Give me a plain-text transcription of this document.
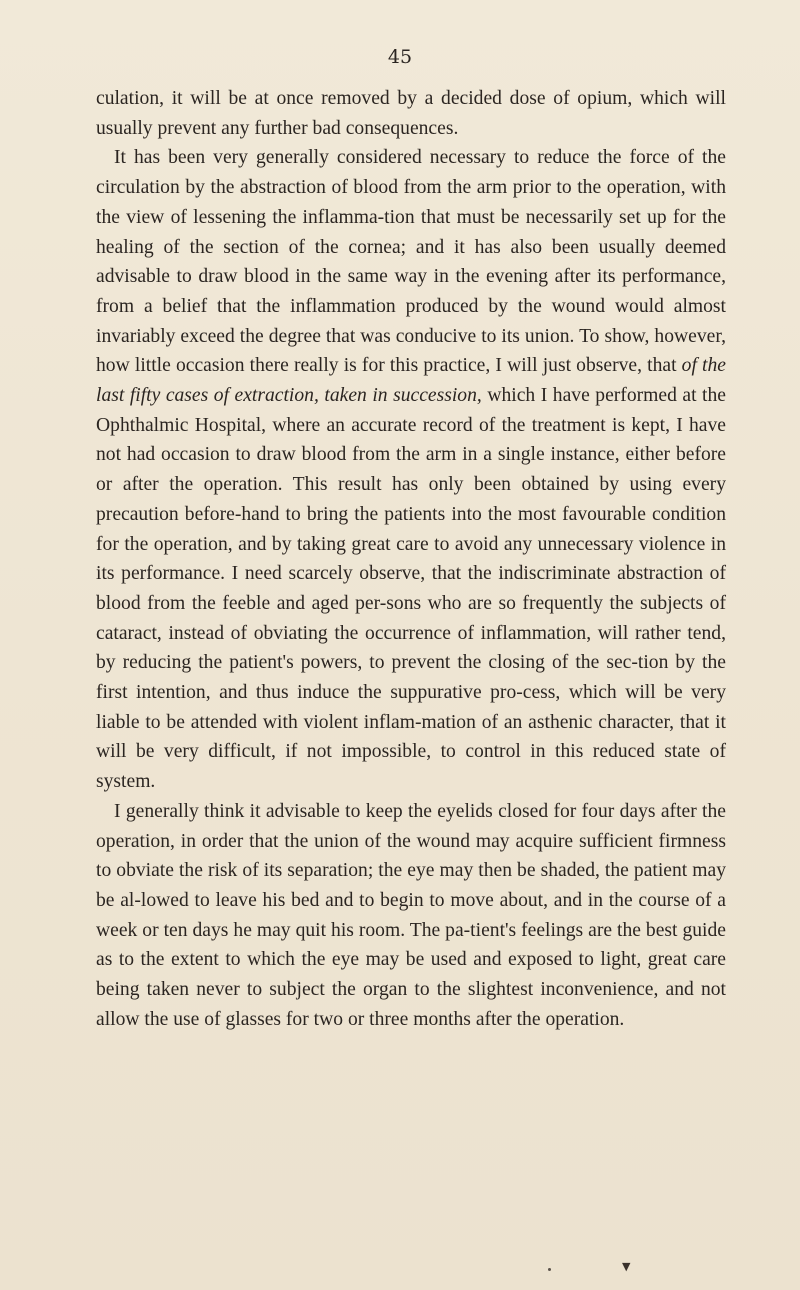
45

culation, it will be at once removed by a decided dose of opium, which will usually prevent any further bad consequences.

It has been very generally considered necessary to reduce the force of the circulation by the abstraction of blood from the arm prior to the operation, with the view of lessening the inflamma-tion that must be necessarily set up for the healing of the section of the cornea; and it has also been usually deemed advisable to draw blood in the same way in the evening after its performance, from a belief that the inflammation produced by the wound would almost invariably exceed the degree that was conducive to its union. To show, however, how little occasion there really is for this practice, I will just observe, that of the last fifty cases of extraction, taken in succession, which I have performed at the Ophthalmic Hospital, where an accurate record of the treatment is kept, I have not had occasion to draw blood from the arm in a single instance, either before or after the operation. This result has only been obtained by using every precaution before-hand to bring the patients into the most favourable condition for the operation, and by taking great care to avoid any unnecessary violence in its performance. I need scarcely observe, that the indiscriminate abstraction of blood from the feeble and aged per-sons who are so frequently the subjects of cataract, instead of obviating the occurrence of inflammation, will rather tend, by reducing the patient's powers, to prevent the closing of the sec-tion by the first intention, and thus induce the suppurative pro-cess, which will be very liable to be attended with violent inflam-mation of an asthenic character, that it will be very difficult, if not impossible, to control in this reduced state of system.

I generally think it advisable to keep the eyelids closed for four days after the operation, in order that the union of the wound may acquire sufficient firmness to obviate the risk of its separation; the eye may then be shaded, the patient may be al-lowed to leave his bed and to begin to move about, and in the course of a week or ten days he may quit his room. The pa-tient's feelings are the best guide as to the extent to which the eye may be used and exposed to light, great care being taken never to subject the organ to the slightest inconvenience, and not allow the use of glasses for two or three months after the operation.

▼
